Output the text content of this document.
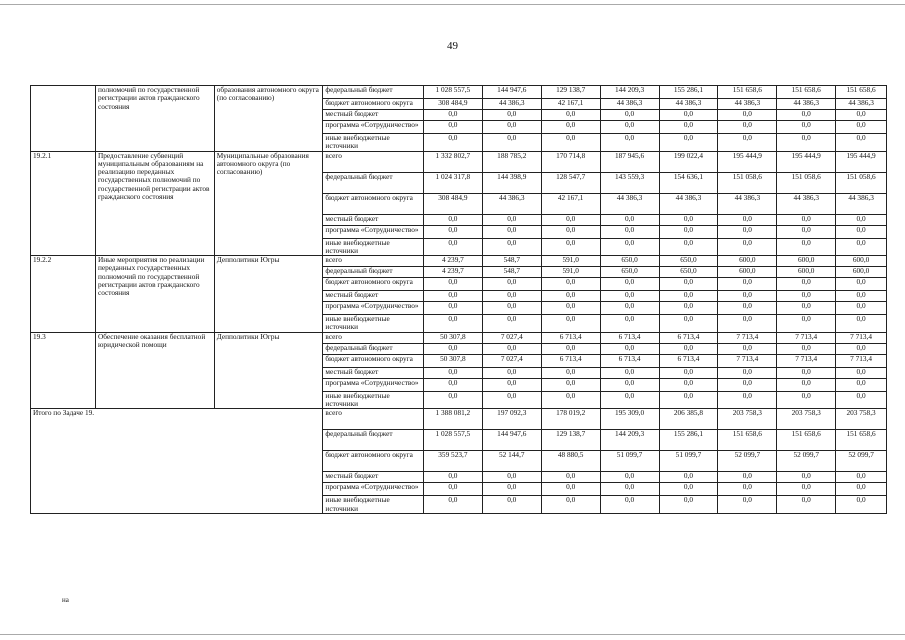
49
	полномочий по государственной регистрации актов гражданского состояния	образования автономного округа (по согласованию)	федеральный бюджет	1 028 557,5	144 947,6	129 138,7	144 209,3	155 286,1	151 658,6	151 658,6	151 658,6
			бюджет автономного округа	308 484,9	44 386,3	42 167,1	44 386,3	44 386,3	44 386,3	44 386,3	44 386,3
			местный бюджет	0,0	0,0	0,0	0,0	0,0	0,0	0,0	0,0
			программа «Сотрудничество»	0,0	0,0	0,0	0,0	0,0	0,0	0,0	0,0
			иные внебюджетные источники	0,0	0,0	0,0	0,0	0,0	0,0	0,0	0,0
19.2.1	Предоставление субвенций муниципальным образованиям на реализацию переданных государственных полномочий по государственной регистрации актов гражданского состояния	Муниципальные образования автономного округа (по согласованию)	всего	1 332 802,7	188 785,2	170 714,8	187 945,6	199 022,4	195 444,9	195 444,9	195 444,9
			федеральный бюджет	1 024 317,8	144 398,9	128 547,7	143 559,3	154 636,1	151 058,6	151 058,6	151 058,6
			бюджет автономного округа	308 484,9	44 386,3	42 167,1	44 386,3	44 386,3	44 386,3	44 386,3	44 386,3
			местный бюджет	0,0	0,0	0,0	0,0	0,0	0,0	0,0	0,0
			программа «Сотрудничество»	0,0	0,0	0,0	0,0	0,0	0,0	0,0	0,0
			иные внебюджетные источники	0,0	0,0	0,0	0,0	0,0	0,0	0,0	0,0
19.2.2	Иные мероприятия по реализации переданных государственных полномочий по государственной регистрации актов гражданского состояния	Депполитики Югры	всего	4 239,7	548,7	591,0	650,0	650,0	600,0	600,0	600,0
			федеральный бюджет	4 239,7	548,7	591,0	650,0	650,0	600,0	600,0	600,0
			бюджет автономного округа	0,0	0,0	0,0	0,0	0,0	0,0	0,0	0,0
			местный бюджет	0,0	0,0	0,0	0,0	0,0	0,0	0,0	0,0
			программа «Сотрудничество»	0,0	0,0	0,0	0,0	0,0	0,0	0,0	0,0
			иные внебюджетные источники	0,0	0,0	0,0	0,0	0,0	0,0	0,0	0,0
19.3	Обеспечение оказания бесплатной юридической помощи	Депполитики Югры	всего	50 307,8	7 027,4	6 713,4	6 713,4	6 713,4	7 713,4	7 713,4	7 713,4
			федеральный бюджет	0,0	0,0	0,0	0,0	0,0	0,0	0,0	0,0
			бюджет автономного округа	50 307,8	7 027,4	6 713,4	6 713,4	6 713,4	7 713,4	7 713,4	7 713,4
			местный бюджет	0,0	0,0	0,0	0,0	0,0	0,0	0,0	0,0
			программа «Сотрудничество»	0,0	0,0	0,0	0,0	0,0	0,0	0,0	0,0
			иные внебюджетные источники	0,0	0,0	0,0	0,0	0,0	0,0	0,0	0,0
Итого по Задаче 19.			всего	1 388 081,2	197 092,3	178 019,2	195 309,0	206 385,8	203 758,3	203 758,3	203 758,3
			федеральный бюджет	1 028 557,5	144 947,6	129 138,7	144 209,3	155 286,1	151 658,6	151 658,6	151 658,6
			бюджет автономного округа	359 523,7	52 144,7	48 880,5	51 099,7	51 099,7	52 099,7	52 099,7	52 099,7
			местный бюджет	0,0	0,0	0,0	0,0	0,0	0,0	0,0	0,0
			программа «Сотрудничество»	0,0	0,0	0,0	0,0	0,0	0,0	0,0	0,0
			иные внебюджетные источники	0,0	0,0	0,0	0,0	0,0	0,0	0,0	0,0
на
